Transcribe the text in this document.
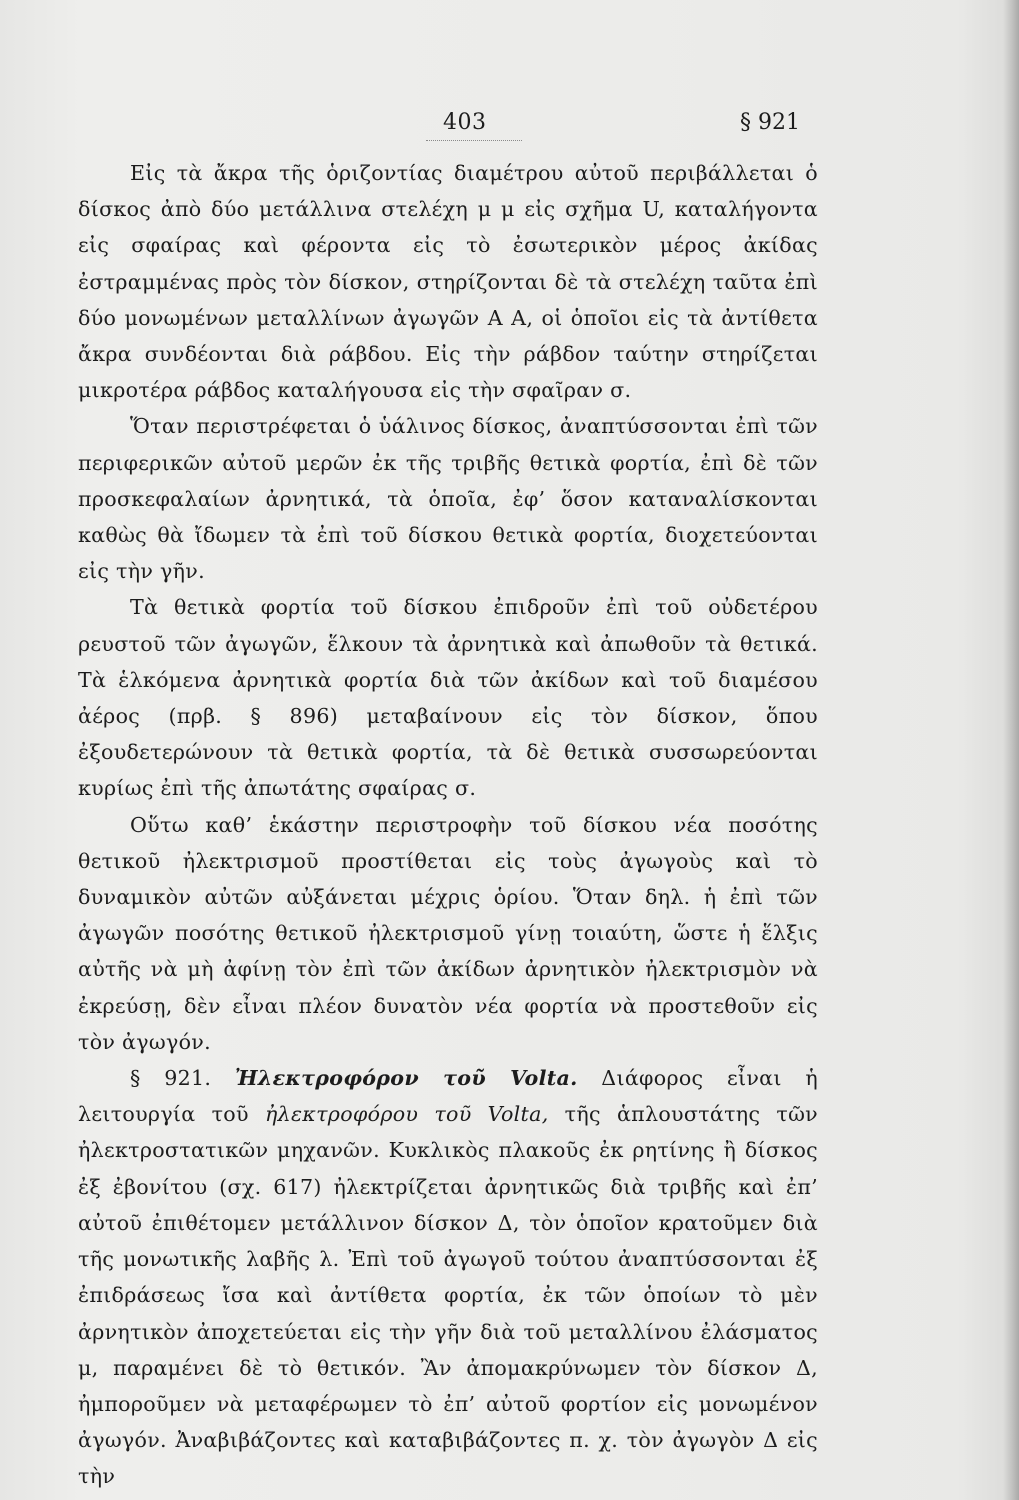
403	§ 921

Εἰς τὰ ἄκρα τῆς ὁριζοντίας διαμέτρου αὐτοῦ περιβάλλεται ὁ δίσκος ἀπὸ δύο μετάλλινα στελέχη μ μ εἰς σχῆμα U, καταλήγοντα εἰς σφαίρας καὶ φέροντα εἰς τὸ ἐσωτερικὸν μέρος ἀκίδας ἐστραμμένας πρὸς τὸν δίσκον, στηρίζονται δὲ τὰ στελέχη ταῦτα ἐπὶ δύο μονωμένων μεταλλίνων ἀγωγῶν Α Α, οἱ ὁποῖοι εἰς τὰ ἀντίθετα ἄκρα συνδέονται διὰ ράβδου. Εἰς τὴν ράβδον ταύτην στηρίζεται μικροτέρα ράβδος καταλήγουσα εἰς τὴν σφαῖραν σ.

Ὅταν περιστρέφεται ὁ ὑάλινος δίσκος, ἀναπτύσσονται ἐπὶ τῶν περιφερικῶν αὐτοῦ μερῶν ἐκ τῆς τριβῆς θετικὰ φορτία, ἐπὶ δὲ τῶν προσκεφαλαίων ἀρνητικά, τὰ ὁποῖα, ἐφ’ ὅσον καταναλίσκονται καθὼς θὰ ἴδωμεν τὰ ἐπὶ τοῦ δίσκου θετικὰ φορτία, διοχετεύονται εἰς τὴν γῆν.

Τὰ θετικὰ φορτία τοῦ δίσκου ἐπιδροῦν ἐπὶ τοῦ οὐδετέρου ρευστοῦ τῶν ἀγωγῶν, ἕλκουν τὰ ἀρνητικὰ καὶ ἀπωθοῦν τὰ θετικά. Τὰ ἑλκόμενα ἀρνητικὰ φορτία διὰ τῶν ἀκίδων καὶ τοῦ διαμέσου ἀέρος (πρβ. § 896) μεταβαίνουν εἰς τὸν δίσκον, ὅπου ἐξουδετερώνουν τὰ θετικὰ φορτία, τὰ δὲ θετικὰ συσσωρεύονται κυρίως ἐπὶ τῆς ἀπωτάτης σφαίρας σ.

Οὕτω καθ’ ἑκάστην περιστροφὴν τοῦ δίσκου νέα ποσότης θετικοῦ ἠλεκτρισμοῦ προστίθεται εἰς τοὺς ἀγωγοὺς καὶ τὸ δυναμικὸν αὐτῶν αὐξάνεται μέχρις ὁρίου. Ὅταν δηλ. ἡ ἐπὶ τῶν ἀγωγῶν ποσότης θετικοῦ ἠλεκτρισμοῦ γίνῃ τοιαύτη, ὥστε ἡ ἕλξις αὐτῆς νὰ μὴ ἀφίνῃ τὸν ἐπὶ τῶν ἀκίδων ἀρνητικὸν ἠλεκτρισμὸν νὰ ἐκρεύσῃ, δὲν εἶναι πλέον δυνατὸν νέα φορτία νὰ προστεθοῦν εἰς τὸν ἀγωγόν.

§ 921. Ἠλεκτροφόρον τοῦ Volta. Διάφορος εἶναι ἡ λειτουργία τοῦ ἠλεκτροφόρου τοῦ Volta, τῆς ἁπλουστάτης τῶν ἠλεκτροστατικῶν μηχανῶν. Κυκλικὸς πλακοῦς ἐκ ρητίνης ἢ δίσκος ἐξ ἐβονίτου (σχ. 617) ἠλεκτρίζεται ἀρνητικῶς διὰ τριβῆς καὶ ἐπ’ αὐτοῦ ἐπιθέτομεν μετάλλινον δίσκον Δ, τὸν ὁποῖον κρατοῦμεν διὰ τῆς μονωτικῆς λαβῆς λ. Ἐπὶ τοῦ ἀγωγοῦ τούτου ἀναπτύσσονται ἐξ ἐπιδράσεως ἴσα καὶ ἀντίθετα φορτία, ἐκ τῶν ὁποίων τὸ μὲν ἀρνητικὸν ἀποχετεύεται εἰς τὴν γῆν διὰ τοῦ μεταλλίνου ἐλάσματος μ, παραμένει δὲ τὸ θετικόν. Ἂν ἀπομακρύνωμεν τὸν δίσκον Δ, ἠμποροῦμεν νὰ μεταφέρωμεν τὸ ἐπ’ αὐτοῦ φορτίον εἰς μονωμένον ἀγωγόν. Ἀναβιβάζοντες καὶ καταβιβάζοντες π. χ. τὸν ἀγωγὸν Δ εἰς τὴν
